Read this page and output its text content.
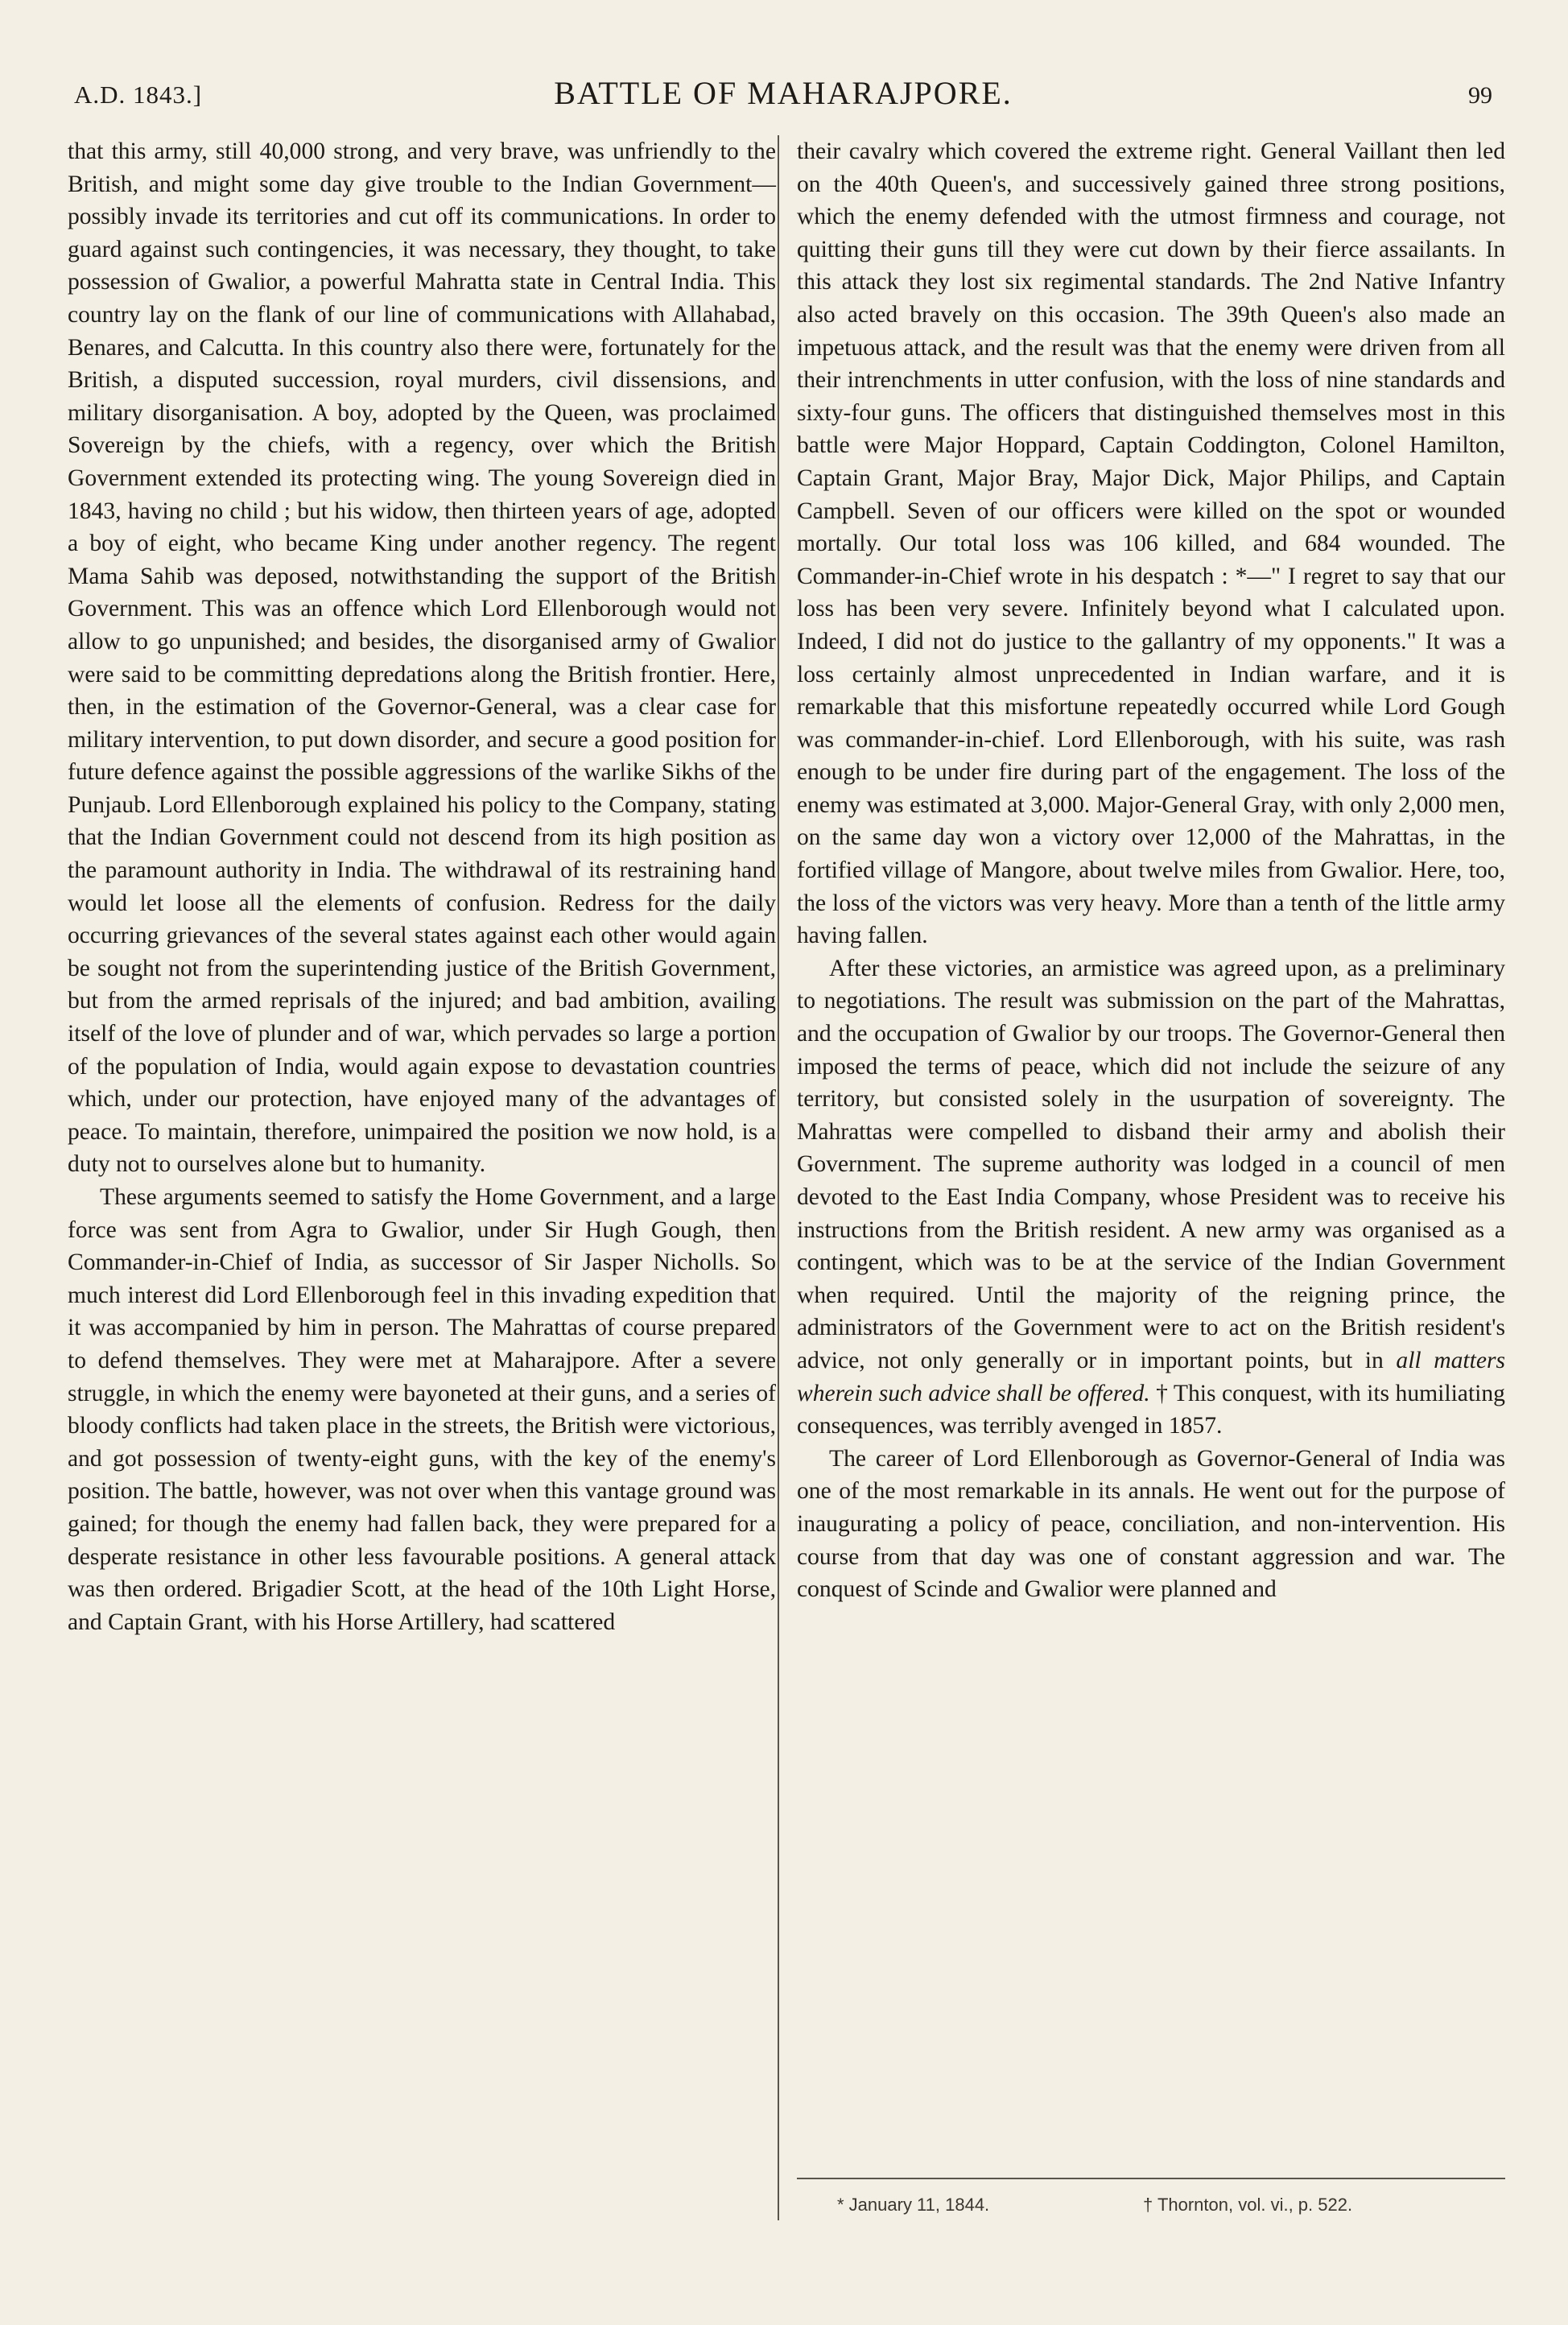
A.D. 1843.]	BATTLE OF MAHARAJPORE.	99

that this army, still 40,000 strong, and very brave, was unfriendly to the British, and might some day give trouble to the Indian Government—possibly invade its territories and cut off its communications. In order to guard against such contingencies, it was necessary, they thought, to take possession of Gwalior, a powerful Mahratta state in Central India. This country lay on the flank of our line of communications with Allahabad, Benares, and Calcutta. In this country also there were, fortunately for the British, a disputed succession, royal murders, civil dissensions, and military disorganisation. A boy, adopted by the Queen, was proclaimed Sovereign by the chiefs, with a regency, over which the British Government extended its protecting wing. The young Sovereign died in 1843, having no child ; but his widow, then thirteen years of age, adopted a boy of eight, who became King under another regency. The regent Mama Sahib was deposed, notwithstanding the support of the British Government. This was an offence which Lord Ellenborough would not allow to go unpunished; and besides, the disorganised army of Gwalior were said to be committing depredations along the British frontier. Here, then, in the estimation of the Governor-General, was a clear case for military intervention, to put down disorder, and secure a good position for future defence against the possible aggressions of the warlike Sikhs of the Punjaub. Lord Ellenborough explained his policy to the Company, stating that the Indian Government could not descend from its high position as the paramount authority in India. The withdrawal of its restraining hand would let loose all the elements of confusion. Redress for the daily occurring grievances of the several states against each other would again be sought not from the superintending justice of the British Government, but from the armed reprisals of the injured; and bad ambition, availing itself of the love of plunder and of war, which pervades so large a portion of the population of India, would again expose to devastation countries which, under our protection, have enjoyed many of the advantages of peace. To maintain, therefore, unimpaired the position we now hold, is a duty not to ourselves alone but to humanity.

These arguments seemed to satisfy the Home Government, and a large force was sent from Agra to Gwalior, under Sir Hugh Gough, then Commander-in-Chief of India, as successor of Sir Jasper Nicholls. So much interest did Lord Ellenborough feel in this invading expedition that it was accompanied by him in person. The Mahrattas of course prepared to defend themselves. They were met at Maharajpore. After a severe struggle, in which the enemy were bayoneted at their guns, and a series of bloody conflicts had taken place in the streets, the British were victorious, and got possession of twenty-eight guns, with the key of the enemy's position. The battle, however, was not over when this vantage ground was gained; for though the enemy had fallen back, they were prepared for a desperate resistance in other less favourable positions. A general attack was then ordered. Brigadier Scott, at the head of the 10th Light Horse, and Captain Grant, with his Horse Artillery, had scattered

their cavalry which covered the extreme right. General Vaillant then led on the 40th Queen's, and successively gained three strong positions, which the enemy defended with the utmost firmness and courage, not quitting their guns till they were cut down by their fierce assailants. In this attack they lost six regimental standards. The 2nd Native Infantry also acted bravely on this occasion. The 39th Queen's also made an impetuous attack, and the result was that the enemy were driven from all their intrenchments in utter confusion, with the loss of nine standards and sixty-four guns. The officers that distinguished themselves most in this battle were Major Hoppard, Captain Coddington, Colonel Hamilton, Captain Grant, Major Bray, Major Dick, Major Philips, and Captain Campbell. Seven of our officers were killed on the spot or wounded mortally. Our total loss was 106 killed, and 684 wounded. The Commander-in-Chief wrote in his despatch : *—" I regret to say that our loss has been very severe. Infinitely beyond what I calculated upon. Indeed, I did not do justice to the gallantry of my opponents." It was a loss certainly almost unprecedented in Indian warfare, and it is remarkable that this misfortune repeatedly occurred while Lord Gough was commander-in-chief. Lord Ellenborough, with his suite, was rash enough to be under fire during part of the engagement. The loss of the enemy was estimated at 3,000. Major-General Gray, with only 2,000 men, on the same day won a victory over 12,000 of the Mahrattas, in the fortified village of Mangore, about twelve miles from Gwalior. Here, too, the loss of the victors was very heavy. More than a tenth of the little army having fallen.

After these victories, an armistice was agreed upon, as a preliminary to negotiations. The result was submission on the part of the Mahrattas, and the occupation of Gwalior by our troops. The Governor-General then imposed the terms of peace, which did not include the seizure of any territory, but consisted solely in the usurpation of sovereignty. The Mahrattas were compelled to disband their army and abolish their Government. The supreme authority was lodged in a council of men devoted to the East India Company, whose President was to receive his instructions from the British resident. A new army was organised as a contingent, which was to be at the service of the Indian Government when required. Until the majority of the reigning prince, the administrators of the Government were to act on the British resident's advice, not only generally or in important points, but in all matters wherein such advice shall be offered. † This conquest, with its humiliating consequences, was terribly avenged in 1857.

The career of Lord Ellenborough as Governor-General of India was one of the most remarkable in its annals. He went out for the purpose of inaugurating a policy of peace, conciliation, and non-intervention. His course from that day was one of constant aggression and war. The conquest of Scinde and Gwalior were planned and

* January 11, 1844.	† Thornton, vol. vi., p. 522.
